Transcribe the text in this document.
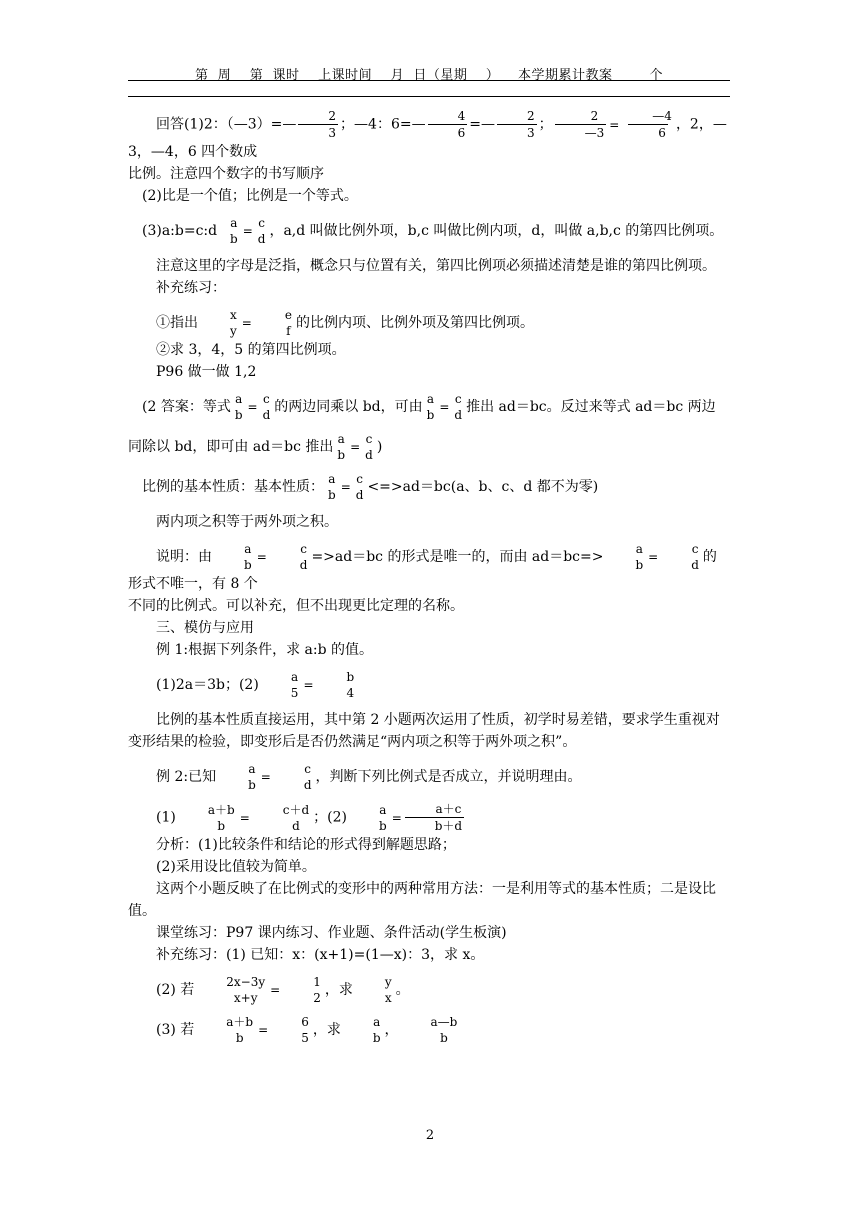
第  周    第  课时    上课时间    月  日（星期    ）    本学期累计教案        个

回答(1)2：（—3）=— $\frac{2}{3}$ ；—4：6=— $\frac{4}{6}$ =— $\frac{2}{3}$ ； $\frac{2}{—3} = \frac{—4}{6}$ ，2，—3，—4，6 四个数成

比例。注意四个数字的书写顺序

(2)比是一个值；比例是一个等式。

(3)a:b=c:d a
b
=
c
d ，a,d 叫做比例外项，b,c 叫做比例内项，d，叫做 a,b,c 的第四比例项。

注意这里的字母是泛指，概念只与位置有关，第四比例项必须描述清楚是谁的第四比例项。

补充练习：

①指出	x
y
=
e
f 的比例内项、比例外项及第四比例项。

②求 3，4，5 的第四比例项。

P96 做一做 1,2

(2 答案：等式 a
b
=
c
d 的两边同乘以 bd，可由 a
b
=
c
d 推出 ad＝bc。反过来等式 ad＝bc 两边

同除以 bd，即可由 ad＝bc 推出 a
b
=
c
d )

比例的基本性质：基本性质： a
b
=
c
d <=>ad＝bc(a、b、c、d 都不为零)

两内项之积等于两外项之积。

说明：由	a
b
=
c
d =>ad＝bc 的形式是唯一的，而由 ad＝bc=>	a
b
=
c
d 的形式不唯一，有 8 个

不同的比例式。可以补充，但不出现更比定理的名称。

三、模仿与应用

例 1:根据下列条件，求 a:b 的值。

(1)2a＝3b；(2)	a
5
=
b
4

比例的基本性质直接运用，其中第 2 小题两次运用了性质，初学时易差错，要求学生重视对变形结果的检验，即变形后是否仍然满足“两内项之积等于两外项之积”。

例 2:已知	a
b
=
c
d ，判断下列比例式是否成立，并说明理由。

(1)	a＋b
b
=
c＋d
d ；(2)	a
b
= $\frac{a+c}{b+d}$

分析：(1)比较条件和结论的形式得到解题思路；

(2)采用设比值较为简单。

这两个小题反映了在比例式的变形中的两种常用方法：一是利用等式的基本性质；二是设比值。

课堂练习：P97 课内练习、作业题、条件活动(学生板演)

补充练习：(1) 已知：x：(x+1)=(1—x)：3，求 x。

(2) 若	2x−3y
x+y
=
1
2 ，求	y
x 。

(3) 若	a＋b
b
=
6
5 ，求	a
b ，	a—b
b

2
